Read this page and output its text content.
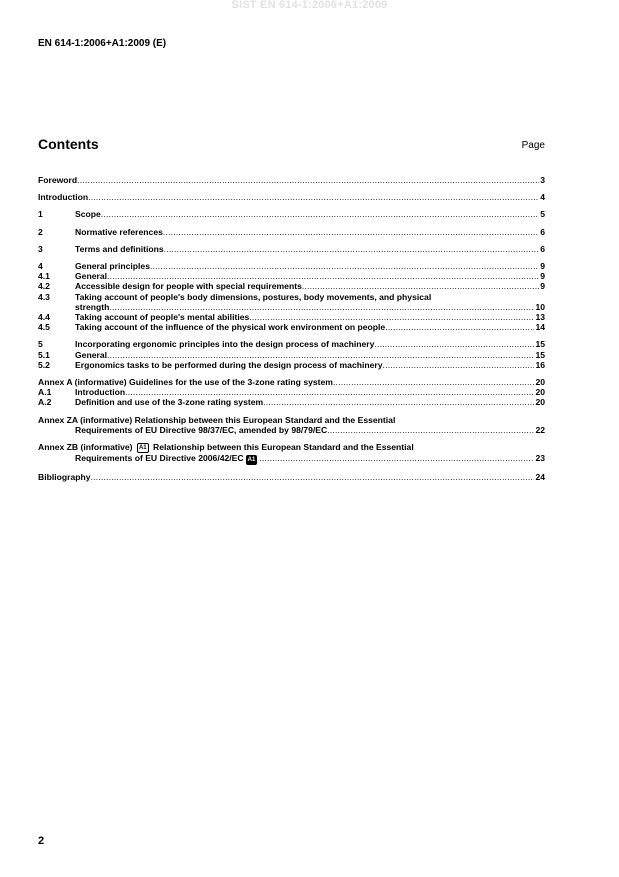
SIST EN 614-1:2006+A1:2009
EN 614-1:2006+A1:2009 (E)
Contents	Page
Foreword .....	3
Introduction .....	4
1	Scope .....	5
2	Normative references .....	6
3	Terms and definitions .....	6
4	General principles .....	9
4.1	General .....	9
4.2	Accessible design for people with special requirements .....	9
4.3	Taking account of people's body dimensions, postures, body movements, and physical
strength .....	10
4.4	Taking account of people's mental abilities .....	13
4.5	Taking account of the influence of the physical work environment on people .....	14
5	Incorporating ergonomic principles into the design process of machinery .....	15
5.1	General .....	15
5.2	Ergonomics tasks to be performed during the design process of machinery .....	16
Annex A (informative) Guidelines for the use of the 3-zone rating system .....	20
A.1	Introduction .....	20
A.2	Definition and use of the 3-zone rating system .....	20
Annex ZA (informative) Relationship between this European Standard and the Essential
Requirements of EU Directive 98/37/EC, amended by 98/79/EC .....	22
Annex ZB (informative) A1 Relationship between this European Standard and the Essential
Requirements of EU Directive 2006/42/EC A1 .....	23
Bibliography .....	24
2
